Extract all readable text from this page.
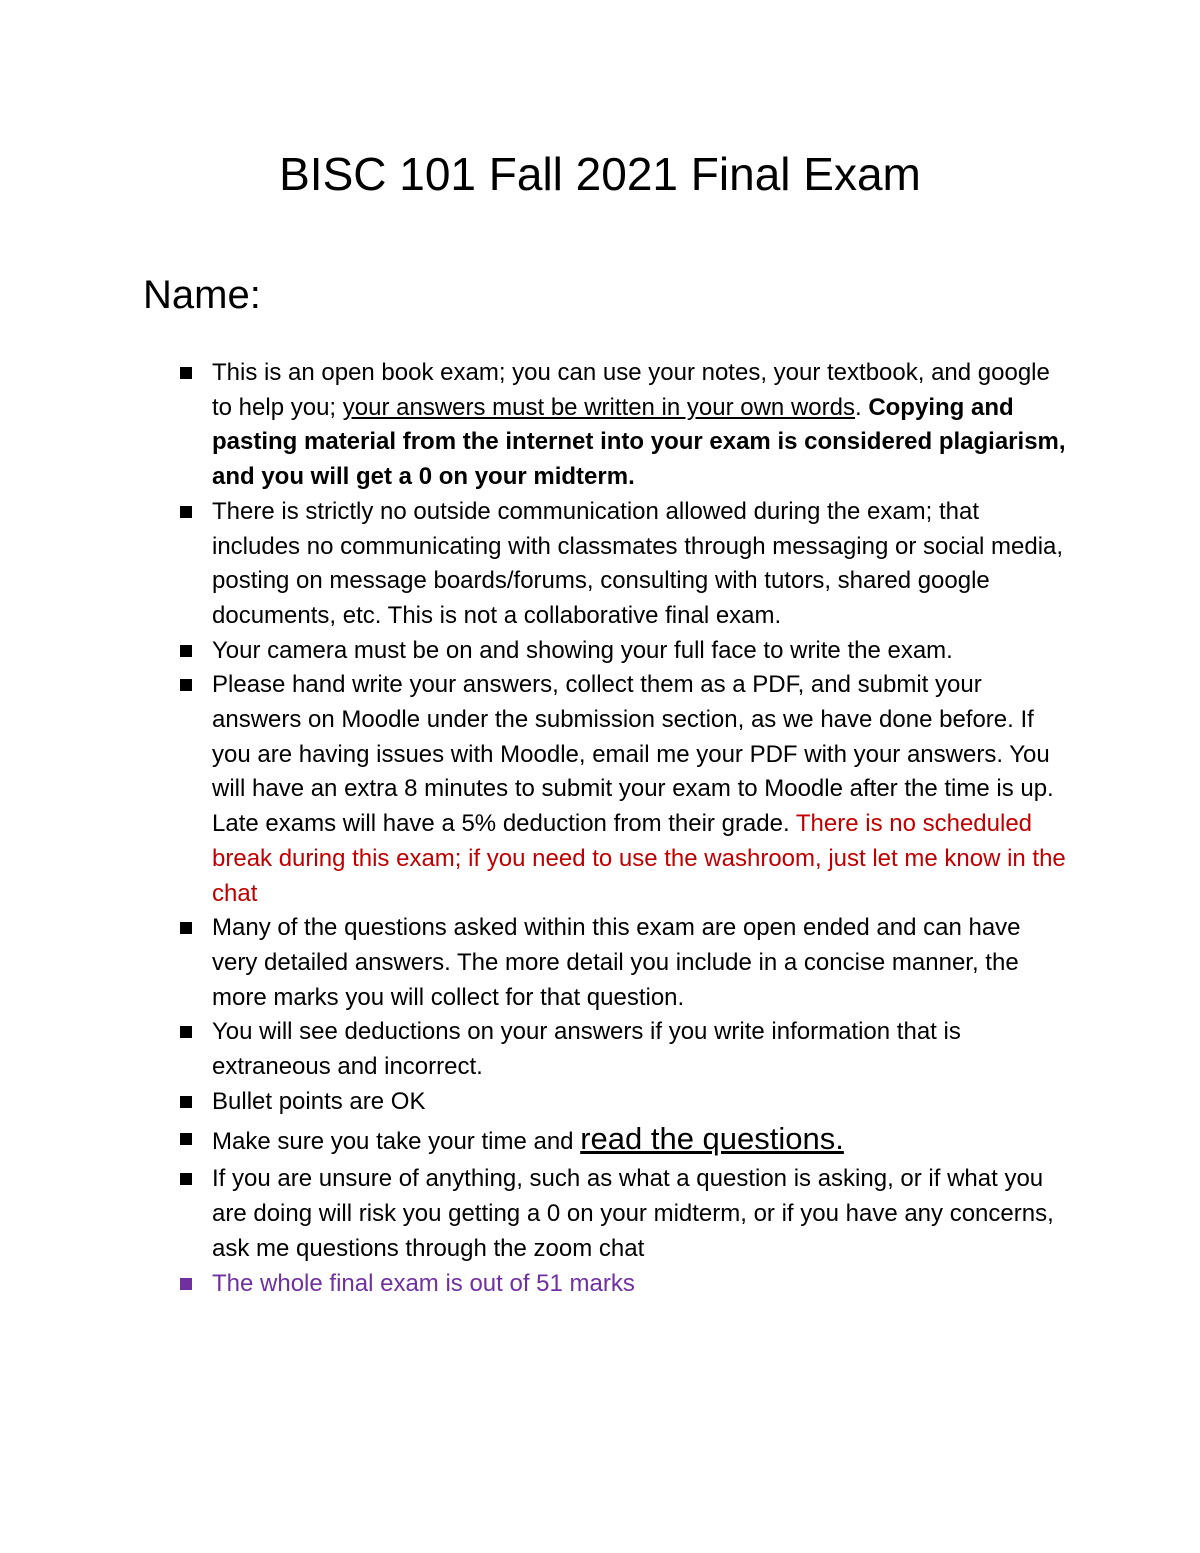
BISC 101 Fall 2021 Final Exam
Name:
This is an open book exam; you can use your notes, your textbook, and google to help you; your answers must be written in your own words. Copying and pasting material from the internet into your exam is considered plagiarism, and you will get a 0 on your midterm.
There is strictly no outside communication allowed during the exam; that includes no communicating with classmates through messaging or social media, posting on message boards/forums, consulting with tutors, shared google documents, etc. This is not a collaborative final exam.
Your camera must be on and showing your full face to write the exam.
Please hand write your answers, collect them as a PDF, and submit your answers on Moodle under the submission section, as we have done before. If you are having issues with Moodle, email me your PDF with your answers. You will have an extra 8 minutes to submit your exam to Moodle after the time is up. Late exams will have a 5% deduction from their grade. There is no scheduled break during this exam; if you need to use the washroom, just let me know in the chat
Many of the questions asked within this exam are open ended and can have very detailed answers. The more detail you include in a concise manner, the more marks you will collect for that question.
You will see deductions on your answers if you write information that is extraneous and incorrect.
Bullet points are OK
Make sure you take your time and read the questions.
If you are unsure of anything, such as what a question is asking, or if what you are doing will risk you getting a 0 on your midterm, or if you have any concerns, ask me questions through the zoom chat
The whole final exam is out of 51 marks
